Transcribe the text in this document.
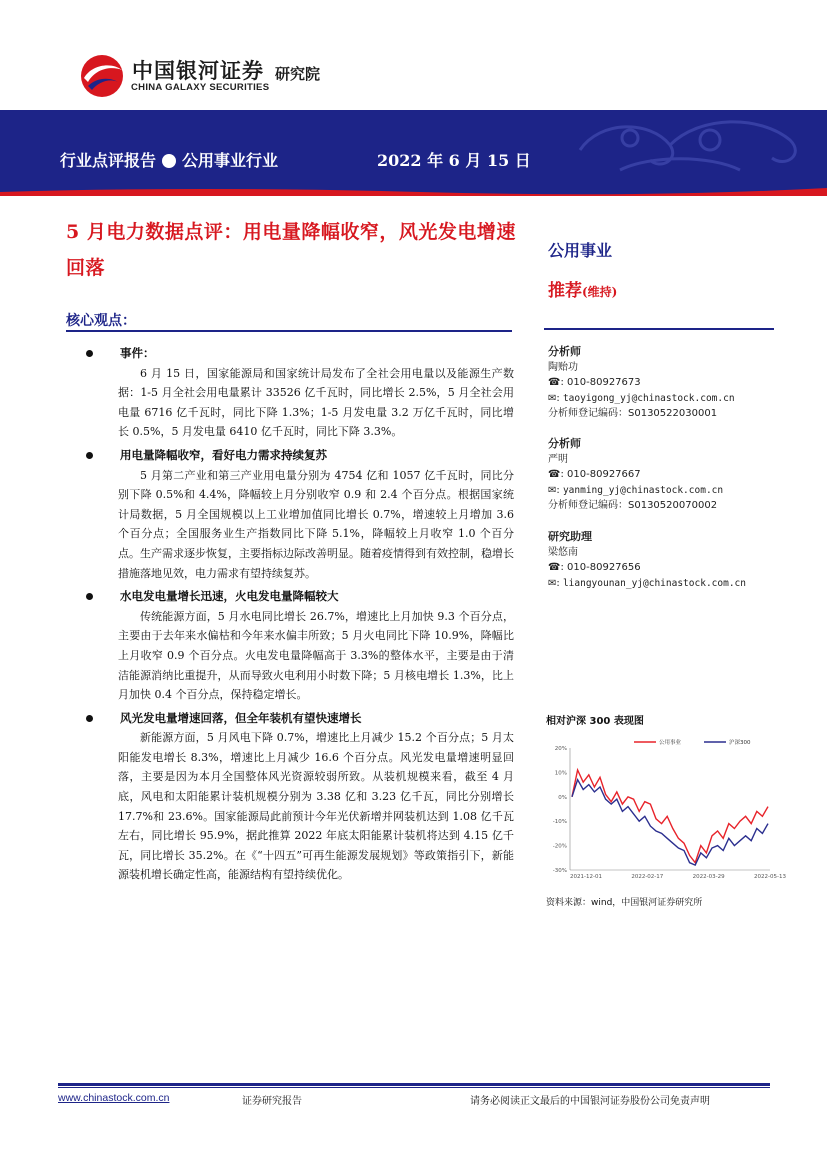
中国银河证券 研究院
CHINA GALAXY SECURITIES
行业点评报告 公用事业行业	2022 年 6 月 15 日
5 月电力数据点评：用电量降幅收窄，风光发电增速回落
公用事业
推荐(维持)
分析师
陶贻功
☎: 010-80927673
✉: taoyigong_yj@chinastock.com.cn
分析师登记编码：S0130522030001
分析师
严明
☎: 010-80927667
✉: yanming_yj@chinastock.com.cn
分析师登记编码：S0130520070002
研究助理
梁悠南
☎: 010-80927656
✉: liangyounan_yj@chinastock.com.cn
核心观点：
事件：
6 月 15 日，国家能源局和国家统计局发布了全社会用电量以及能源生产数据：1-5 月全社会用电量累计 33526 亿千瓦时，同比增长 2.5%，5 月全社会用电量 6716 亿千瓦时，同比下降 1.3%；1-5 月发电量 3.2 万亿千瓦时，同比增长 0.5%，5 月发电量 6410 亿千瓦时，同比下降 3.3%。
用电量降幅收窄，看好电力需求持续复苏
5 月第二产业和第三产业用电量分别为 4754 亿和 1057 亿千瓦时，同比分别下降 0.5%和 4.4%，降幅较上月分别收窄 0.9 和 2.4 个百分点。根据国家统计局数据，5 月全国规模以上工业增加值同比增长 0.7%，增速较上月增加 3.6 个百分点；全国服务业生产指数同比下降 5.1%，降幅较上月收窄 1.0 个百分点。生产需求逐步恢复，主要指标边际改善明显。随着疫情得到有效控制，稳增长措施落地见效，电力需求有望持续复苏。
水电发电量增长迅速，火电发电量降幅较大
传统能源方面，5 月水电同比增长 26.7%，增速比上月加快 9.3 个百分点，主要由于去年来水偏枯和今年来水偏丰所致；5 月火电同比下降 10.9%，降幅比上月收窄 0.9 个百分点。火电发电量降幅高于 3.3%的整体水平，主要是由于清洁能源消纳比重提升，从而导致火电利用小时数下降；5 月核电增长 1.3%，比上月加快 0.4 个百分点，保持稳定增长。
风光发电量增速回落，但全年装机有望快速增长
新能源方面，5 月风电下降 0.7%，增速比上月减少 15.2 个百分点；5 月太阳能发电增长 8.3%，增速比上月减少 16.6 个百分点。风光发电量增速明显回落，主要是因为本月全国整体风光资源较弱所致。从装机规模来看，截至 4 月底，风电和太阳能累计装机规模分别为 3.38 亿和 3.23 亿千瓦，同比分别增长 17.7%和 23.6%。国家能源局此前预计今年光伏新增并网装机达到 1.08 亿千瓦左右，同比增长 95.9%，据此推算 2022 年底太阳能累计装机将达到 4.15 亿千瓦，同比增长 35.2%。在《“十四五”可再生能源发展规划》等政策指引下，新能源装机增长确定性高，能源结构有望持续优化。
相对沪深 300 表现图
20%
10%
0%
-10%
-20%
-30%
2021-12-01	2022-02-17	2022-03-29	2022-05-13
公用事业	沪深300
资料来源：wind，中国银河证券研究所
www.chinastock.com.cn	证券研究报告	请务必阅读正文最后的中国银河证券股份公司免责声明
